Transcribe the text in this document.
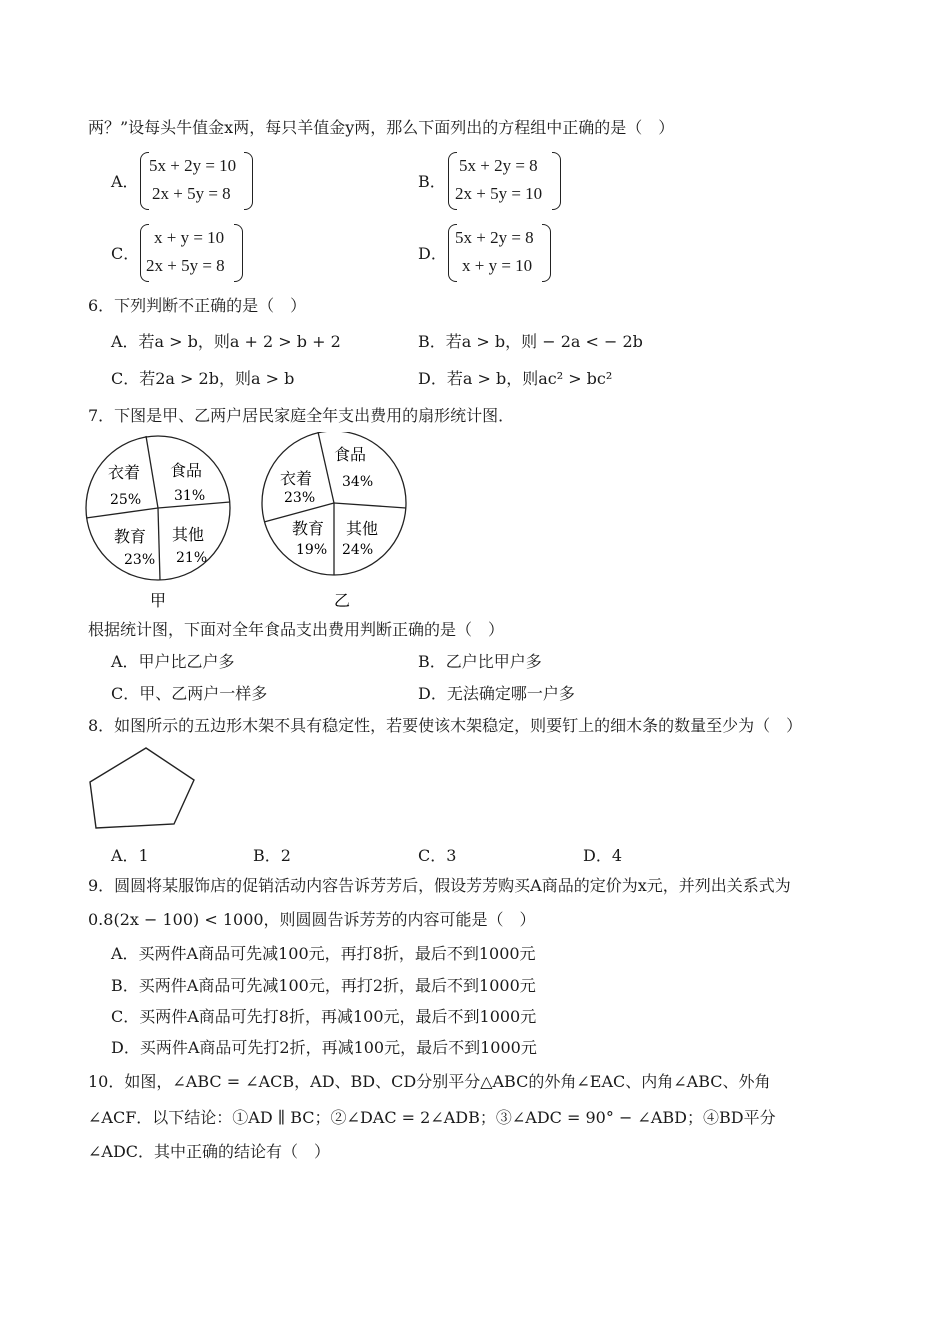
两？”设每头牛值金x两，每只羊值金y两，那么下面列出的方程组中正确的是（　）
A．
5x + 2y = 10
2x + 5y = 8
B．
5x + 2y = 8
2x + 5y = 10
C．
x + y = 10
2x + 5y = 8
D．
5x + 2y = 8
x + y = 10
6．下列判断不正确的是（　）
A．若a > b，则a + 2 > b + 2	B．若a > b，则 − 2a < − 2b
C．若2a > 2b，则a > b	D．若a > b，则ac² > bc²
7．下图是甲、乙两户居民家庭全年支出费用的扇形统计图．
衣着
25%
食品
31%
其他
21%
教育
23%
甲
衣着
23%
食品
34%
其他
24%
教育
19%
乙
根据统计图，下面对全年食品支出费用判断正确的是（　）
A．甲户比乙户多	B．乙户比甲户多
C．甲、乙两户一样多	D．无法确定哪一户多
8．如图所示的五边形木架不具有稳定性，若要使该木架稳定，则要钉上的细木条的数量至少为（　）
A．1	B．2	C．3	D．4
9．圆圆将某服饰店的促销活动内容告诉芳芳后，假设芳芳购买A商品的定价为x元，并列出关系式为
0.8(2x − 100) < 1000，则圆圆告诉芳芳的内容可能是（　）
A．买两件A商品可先减100元，再打8折，最后不到1000元
B．买两件A商品可先减100元，再打2折，最后不到1000元
C．买两件A商品可先打8折，再减100元，最后不到1000元
D．买两件A商品可先打2折，再减100元，最后不到1000元
10．如图，∠ABC = ∠ACB，AD、BD、CD分别平分△ABC的外角∠EAC、内角∠ABC、外角
∠ACF．以下结论：①AD ∥ BC；②∠DAC = 2∠ADB；③∠ADC = 90° − ∠ABD；④BD平分
∠ADC．其中正确的结论有（　）
